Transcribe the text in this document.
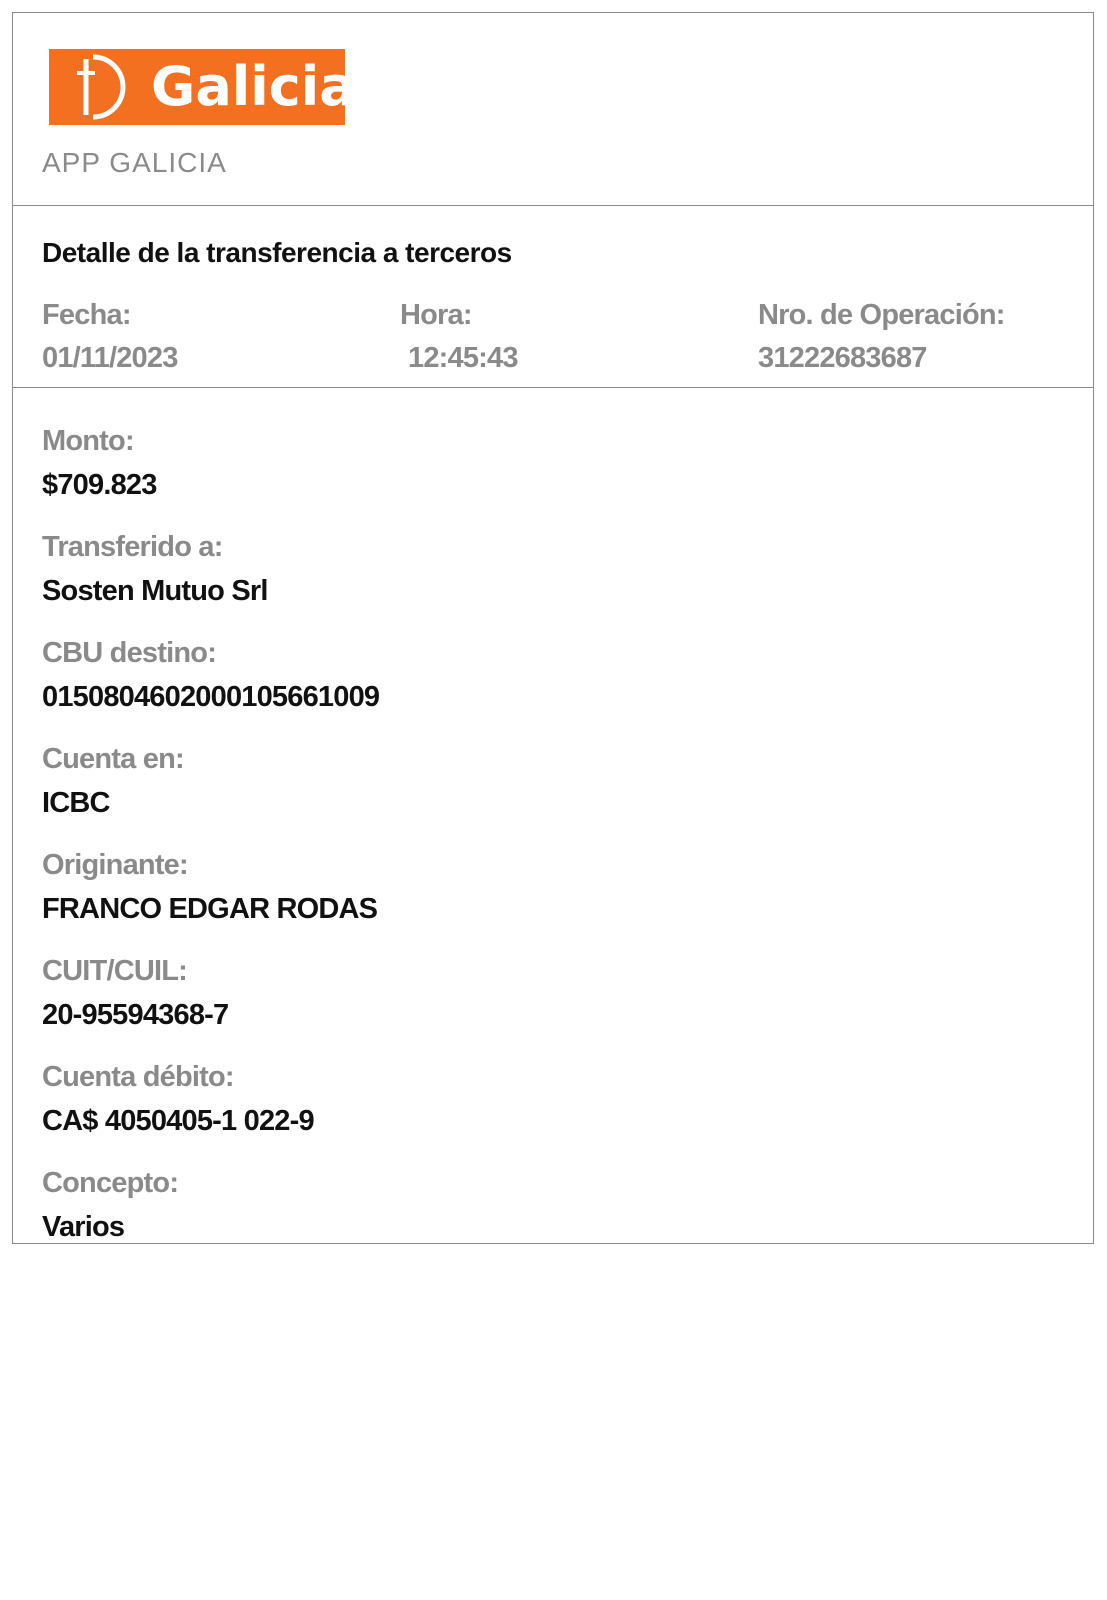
Galicia
APP GALICIA
Detalle de la transferencia a terceros
Fecha:
01/11/2023
Hora:
12:45:43
Nro. de Operación:
31222683687
Monto:
$709.823
Transferido a:
Sosten Mutuo Srl
CBU destino:
0150804602000105661009
Cuenta en:
ICBC
Originante:
FRANCO EDGAR RODAS
CUIT/CUIL:
20-95594368-7
Cuenta débito:
CA$ 4050405-1 022-9
Concepto:
Varios
